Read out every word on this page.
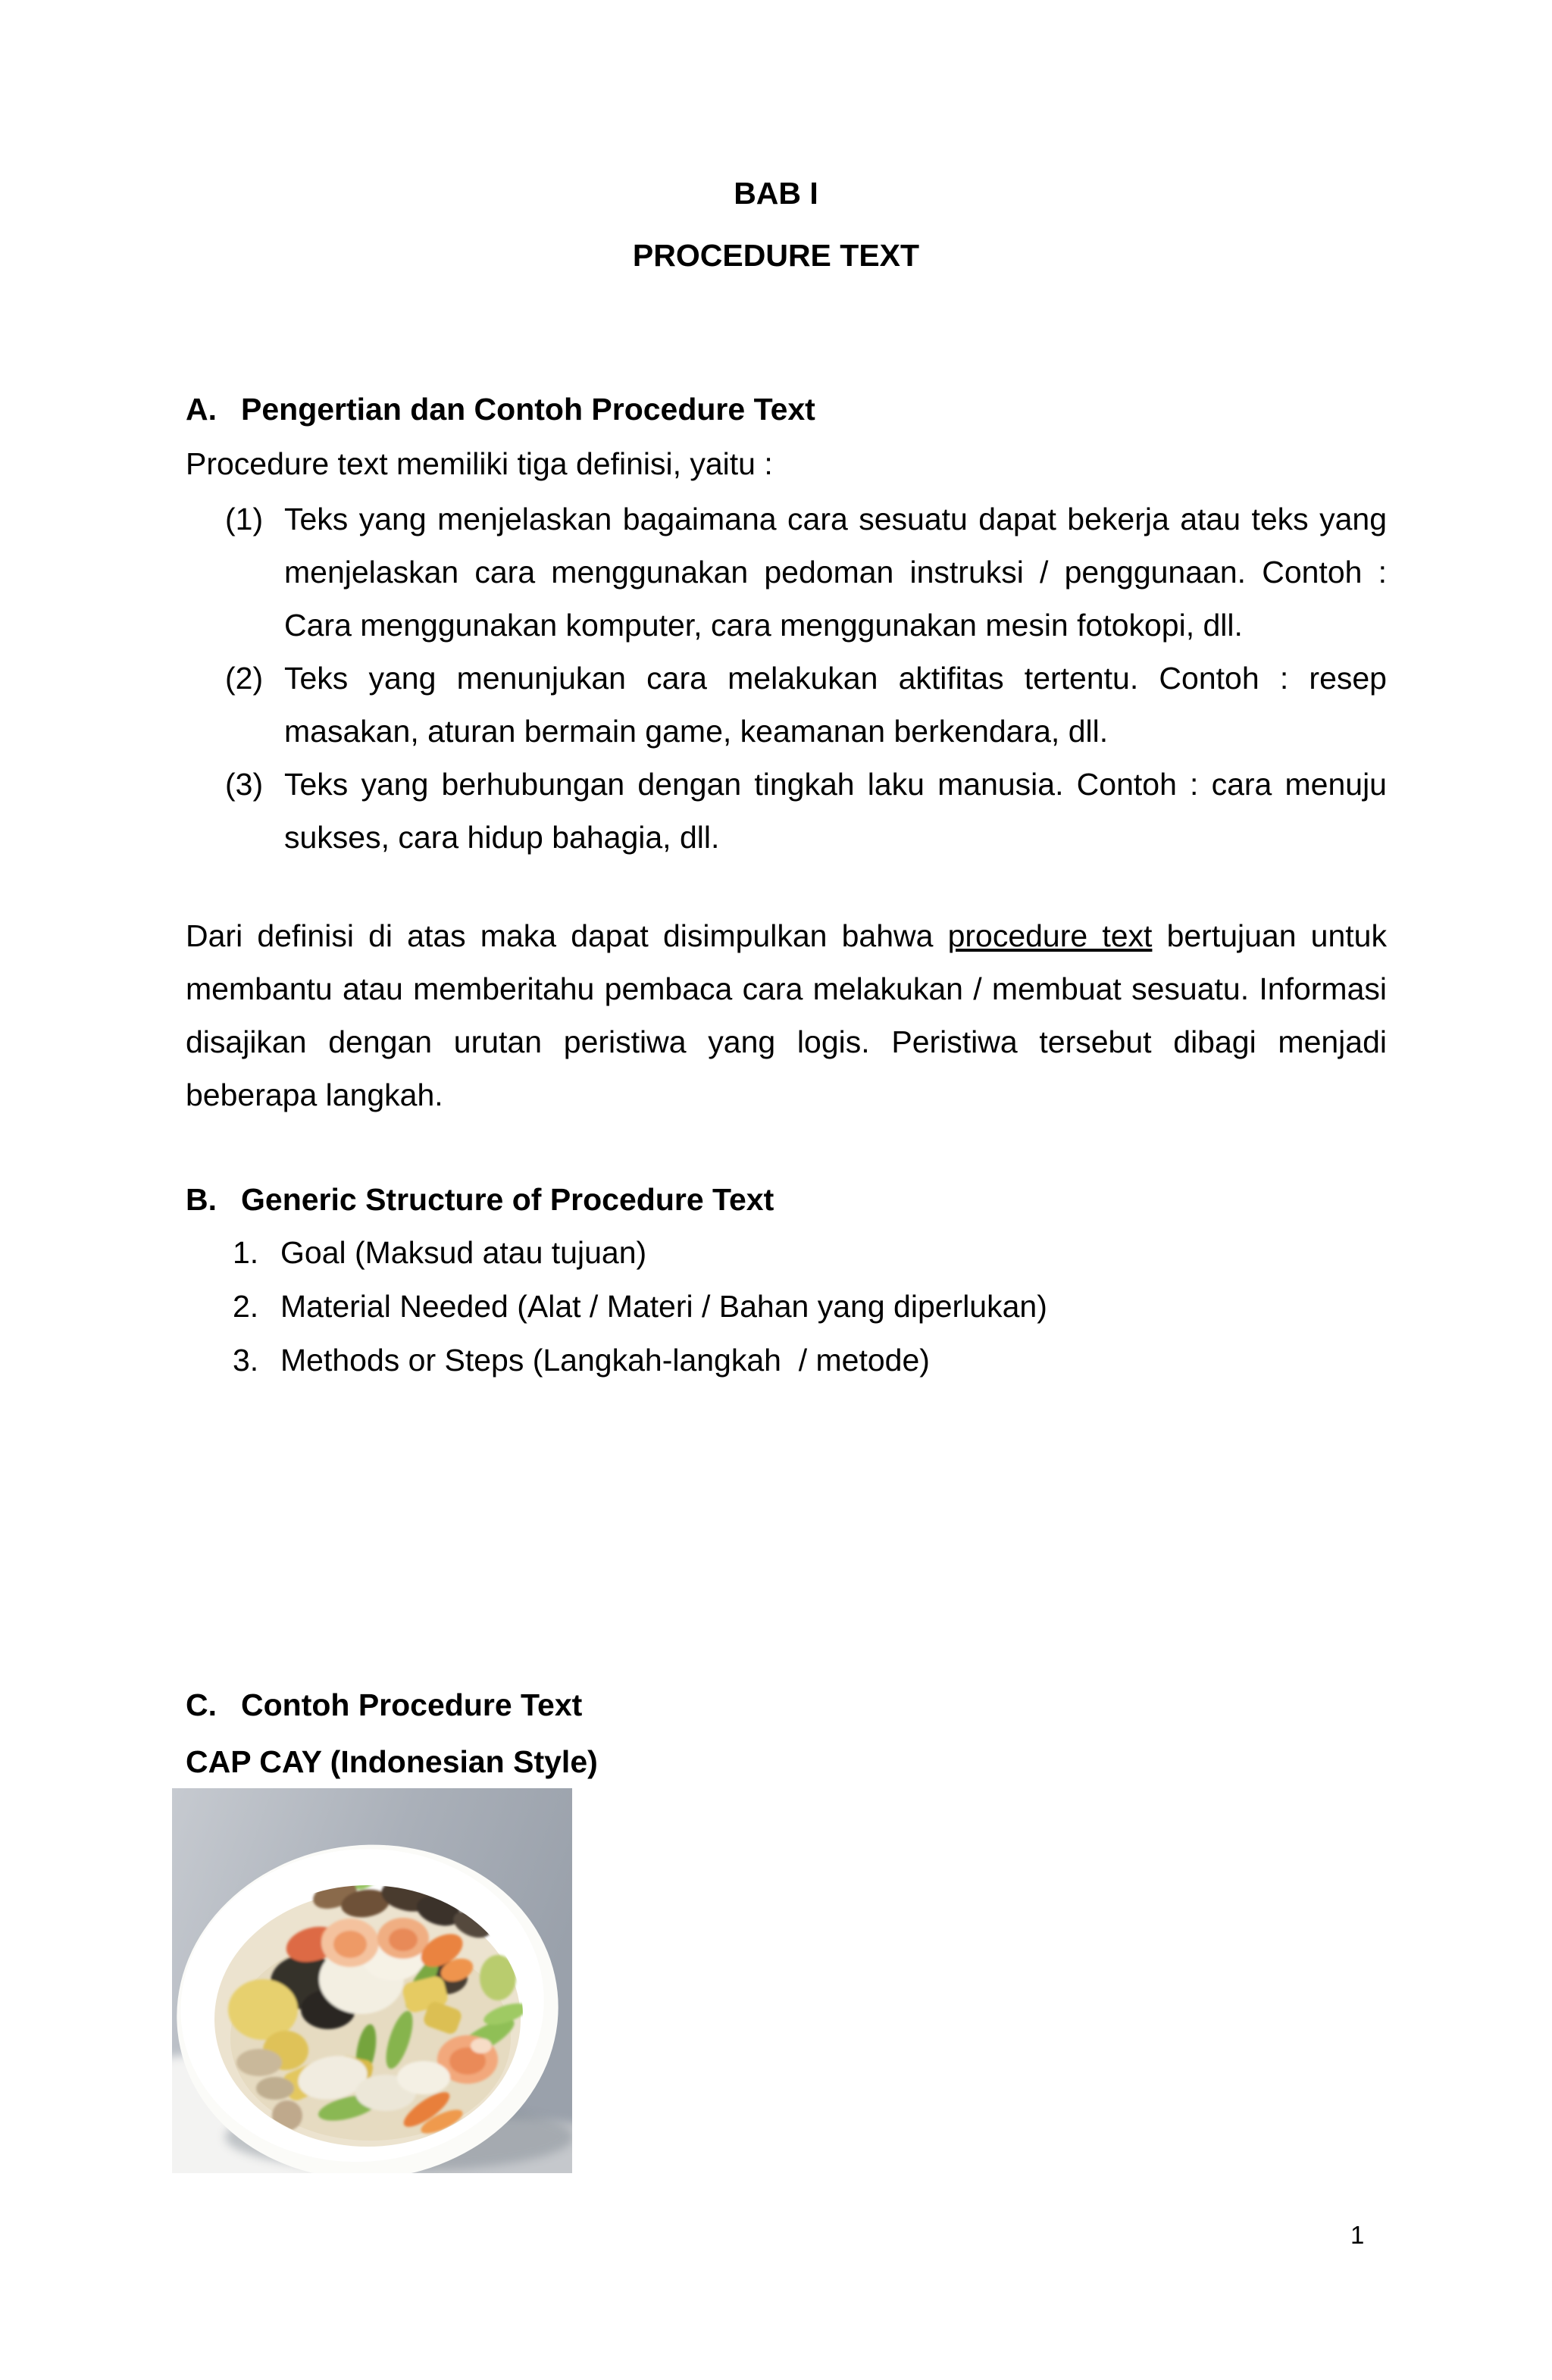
BAB I
PROCEDURE TEXT
A. Pengertian dan Contoh Procedure Text
Procedure text memiliki tiga definisi, yaitu :
(1) Teks yang menjelaskan bagaimana cara sesuatu dapat bekerja atau teks yang menjelaskan cara menggunakan pedoman instruksi / penggunaan. Contoh : Cara menggunakan komputer, cara menggunakan mesin fotokopi, dll.
(2) Teks yang menunjukan cara melakukan aktifitas tertentu. Contoh : resep masakan, aturan bermain game, keamanan berkendara, dll.
(3) Teks yang berhubungan dengan tingkah laku manusia. Contoh : cara menuju sukses, cara hidup bahagia, dll.
Dari definisi di atas maka dapat disimpulkan bahwa procedure text bertujuan untuk membantu atau memberitahu pembaca cara melakukan / membuat sesuatu. Informasi disajikan dengan urutan peristiwa yang logis. Peristiwa tersebut dibagi menjadi beberapa langkah.
B. Generic Structure of Procedure Text
1. Goal (Maksud atau tujuan)
2. Material Needed (Alat / Materi / Bahan yang diperlukan)
3. Methods or Steps (Langkah-langkah  / metode)
C. Contoh Procedure Text
CAP CAY (Indonesian Style)
1
